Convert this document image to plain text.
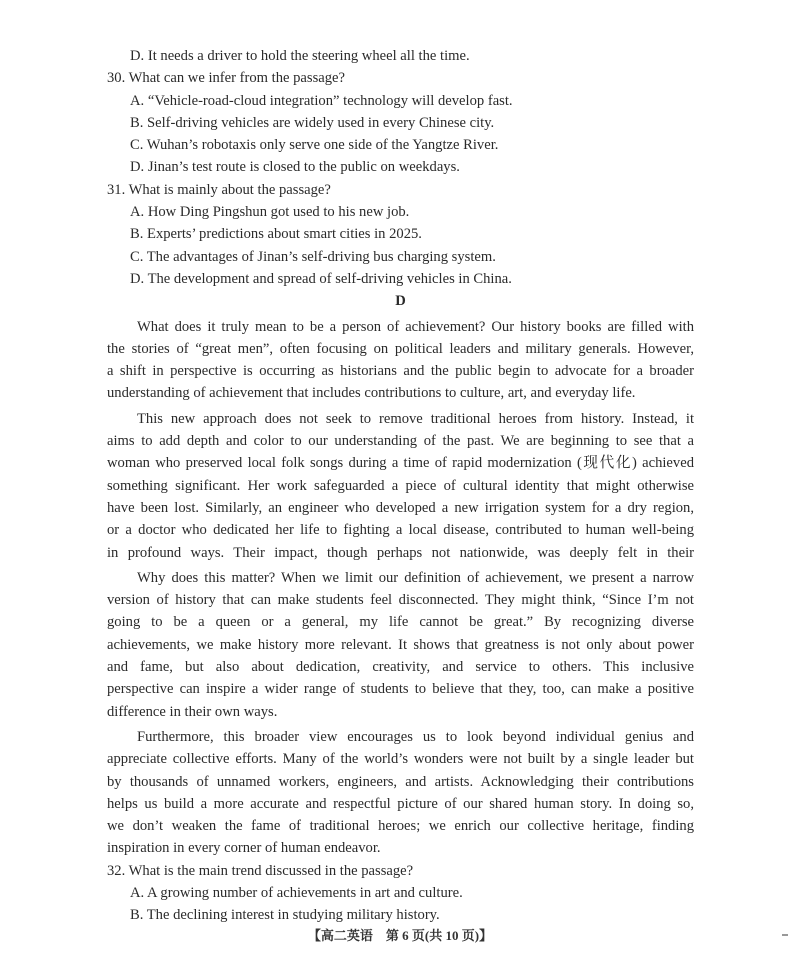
D. It needs a driver to hold the steering wheel all the time.
30. What can we infer from the passage?
A. “Vehicle-road-cloud integration” technology will develop fast.
B. Self-driving vehicles are widely used in every Chinese city.
C. Wuhan’s robotaxis only serve one side of the Yangtze River.
D. Jinan’s test route is closed to the public on weekdays.
31. What is mainly about the passage?
A. How Ding Pingshun got used to his new job.
B. Experts’ predictions about smart cities in 2025.
C. The advantages of Jinan’s self-driving bus charging system.
D. The development and spread of self-driving vehicles in China.
D
What does it truly mean to be a person of achievement? Our history books are filled with
the stories of “great men”, often focusing on political leaders and military generals. However,
a shift in perspective is occurring as historians and the public begin to advocate for a broader
understanding of achievement that includes contributions to culture, art, and everyday life.
This new approach does not seek to remove traditional heroes from history. Instead, it
aims to add depth and color to our understanding of the past. We are beginning to see that a
woman who preserved local folk songs during a time of rapid modernization (现代化) achieved
something significant. Her work safeguarded a piece of cultural identity that might otherwise
have been lost. Similarly, an engineer who developed a new irrigation system for a dry region,
or a doctor who dedicated her life to fighting a local disease, contributed to human well-being
in profound ways. Their impact, though perhaps not nationwide, was deeply felt in their
Why does this matter? When we limit our definition of achievement, we present a narrow
version of history that can make students feel disconnected. They might think, “Since I’m not
going to be a queen or a general, my life cannot be great.” By recognizing diverse
achievements, we make history more relevant. It shows that greatness is not only about power
and fame, but also about dedication, creativity, and service to others. This inclusive
perspective can inspire a wider range of students to believe that they, too, can make a positive
difference in their own ways.
Furthermore, this broader view encourages us to look beyond individual genius and
appreciate collective efforts. Many of the world’s wonders were not built by a single leader but
by thousands of unnamed workers, engineers, and artists. Acknowledging their contributions
helps us build a more accurate and respectful picture of our shared human story. In doing so,
we don’t weaken the fame of traditional heroes; we enrich our collective heritage, finding
inspiration in every corner of human endeavor.
32. What is the main trend discussed in the passage?
A. A growing number of achievements in art and culture.
B. The declining interest in studying military history.
【高二英语　第 6 页(共 10 页)】
